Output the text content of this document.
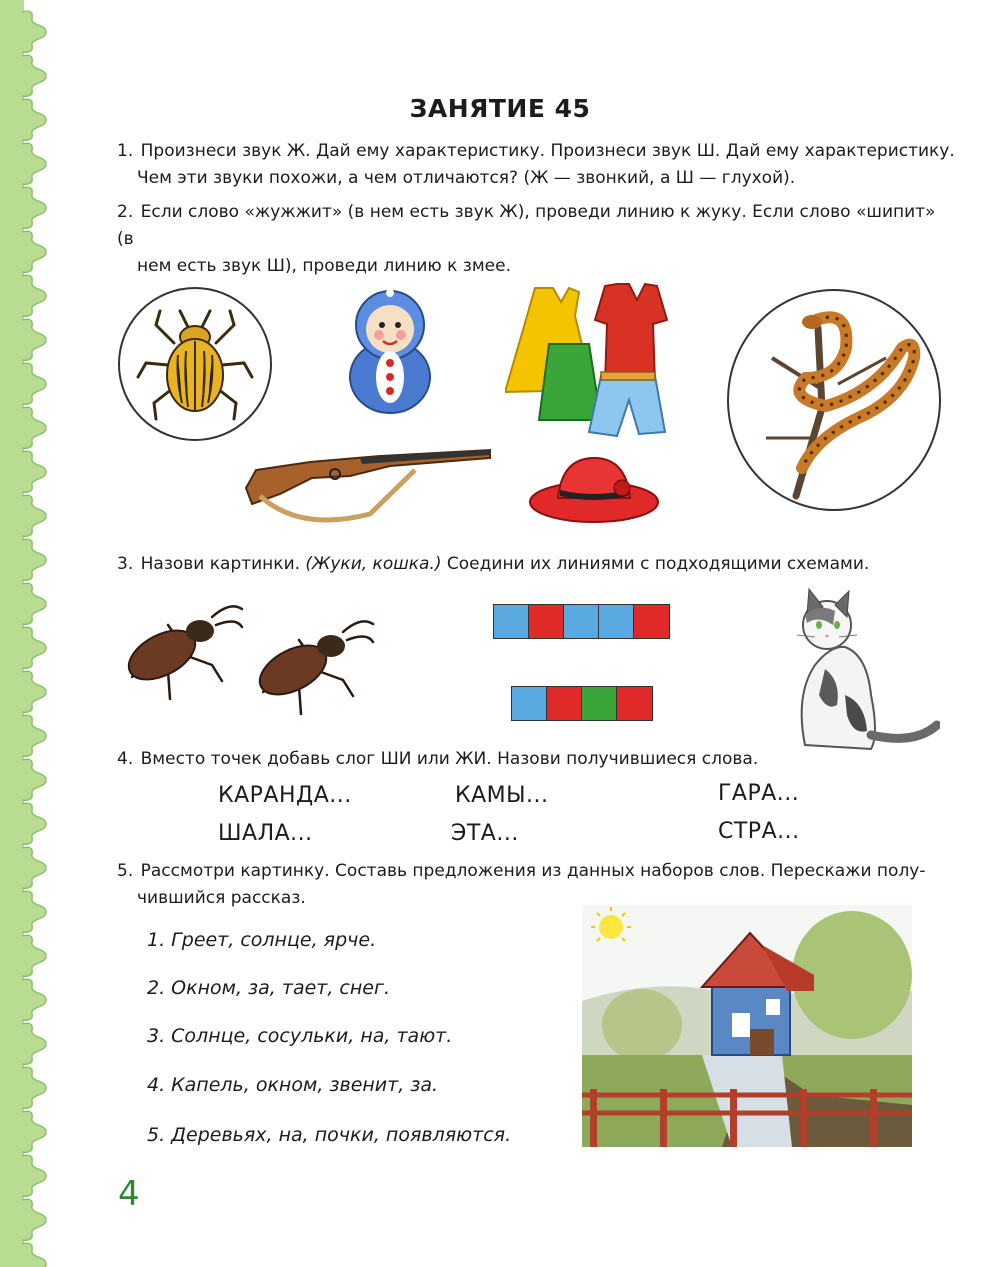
ЗАНЯТИЕ 45
1. Произнеси звук Ж. Дай ему характеристику. Произнеси звук Ш. Дай ему характеристику.
Чем эти звуки похожи, а чем отличаются? (Ж — звонкий, а Ш — глухой).
2. Если слово «жужжит» (в нем есть звук Ж), проведи линию к жуку. Если слово «шипит» (в
нем есть звук Ш), проведи линию к змее.
3. Назови картинки. (Жуки, кошка.) Соедини их линиями с подходящими схемами.
4. Вместо точек добавь слог ШИ или ЖИ. Назови получившиеся слова.
КАРАНДА...	КАМЫ...	ГАРА...
ШАЛА...	ЭТА...	СТРА...
5. Рассмотри картинку. Составь предложения из данных наборов слов. Перескажи полу-
чившийся рассказ.
1. Греет, солнце, ярче.
2. Окном, за, тает, снег.
3. Солнце, сосульки, на, тают.
4. Капель, окном, звенит, за.
5. Деревьях, на, почки, появляются.
4
